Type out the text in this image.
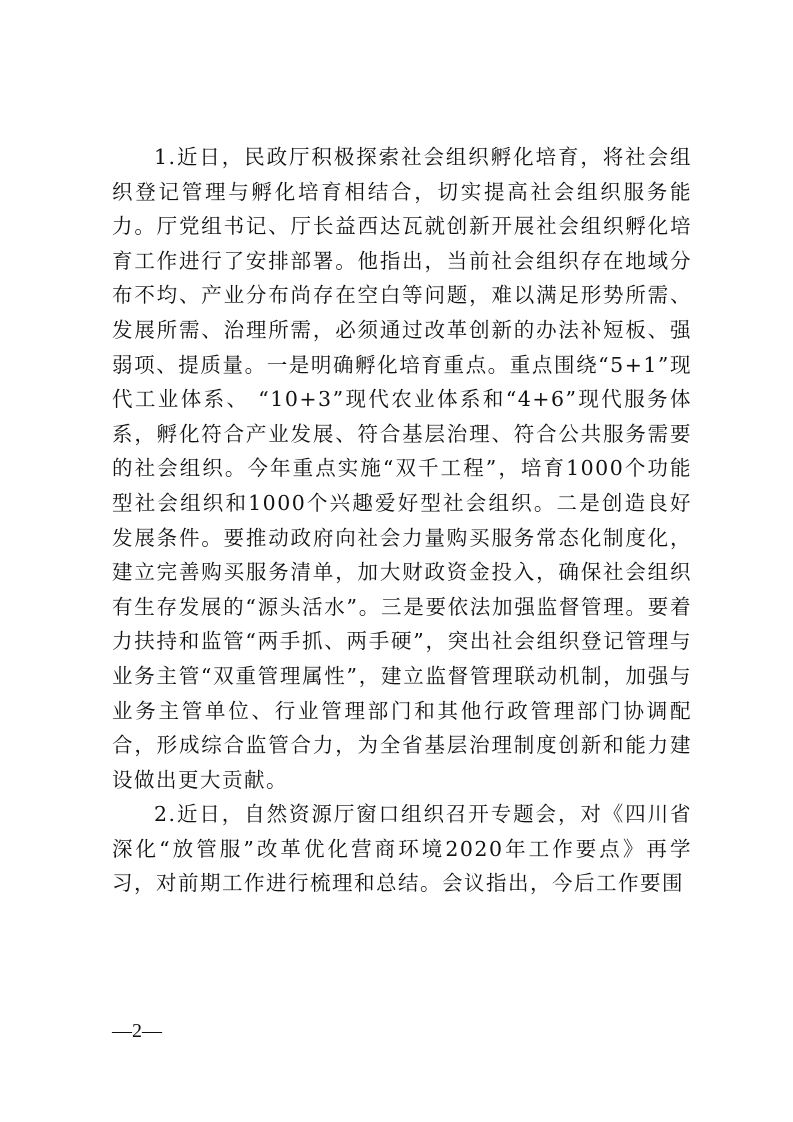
1.近日，民政厅积极探索社会组织孵化培育，将社会组织登记管理与孵化培育相结合，切实提高社会组织服务能力。厅党组书记、厅长益西达瓦就创新开展社会组织孵化培育工作进行了安排部署。他指出，当前社会组织存在地域分布不均、产业分布尚存在空白等问题，难以满足形势所需、发展所需、治理所需，必须通过改革创新的办法补短板、强弱项、提质量。一是明确孵化培育重点。重点围绕“5+1”现代工业体系、 “10+3”现代农业体系和“4+6”现代服务体系，孵化符合产业发展、符合基层治理、符合公共服务需要的社会组织。今年重点实施“双千工程”，培育1000个功能型社会组织和1000个兴趣爱好型社会组织。二是创造良好发展条件。要推动政府向社会力量购买服务常态化制度化，建立完善购买服务清单，加大财政资金投入，确保社会组织有生存发展的“源头活水”。三是要依法加强监督管理。要着力扶持和监管“两手抓、两手硬”，突出社会组织登记管理与业务主管“双重管理属性”，建立监督管理联动机制，加强与业务主管单位、行业管理部门和其他行政管理部门协调配合，形成综合监管合力，为全省基层治理制度创新和能力建设做出更大贡献。

2.近日，自然资源厅窗口组织召开专题会，对《四川省深化“放管服”改革优化营商环境2020年工作要点》再学习，对前期工作进行梳理和总结。会议指出，今后工作要围

—2—
